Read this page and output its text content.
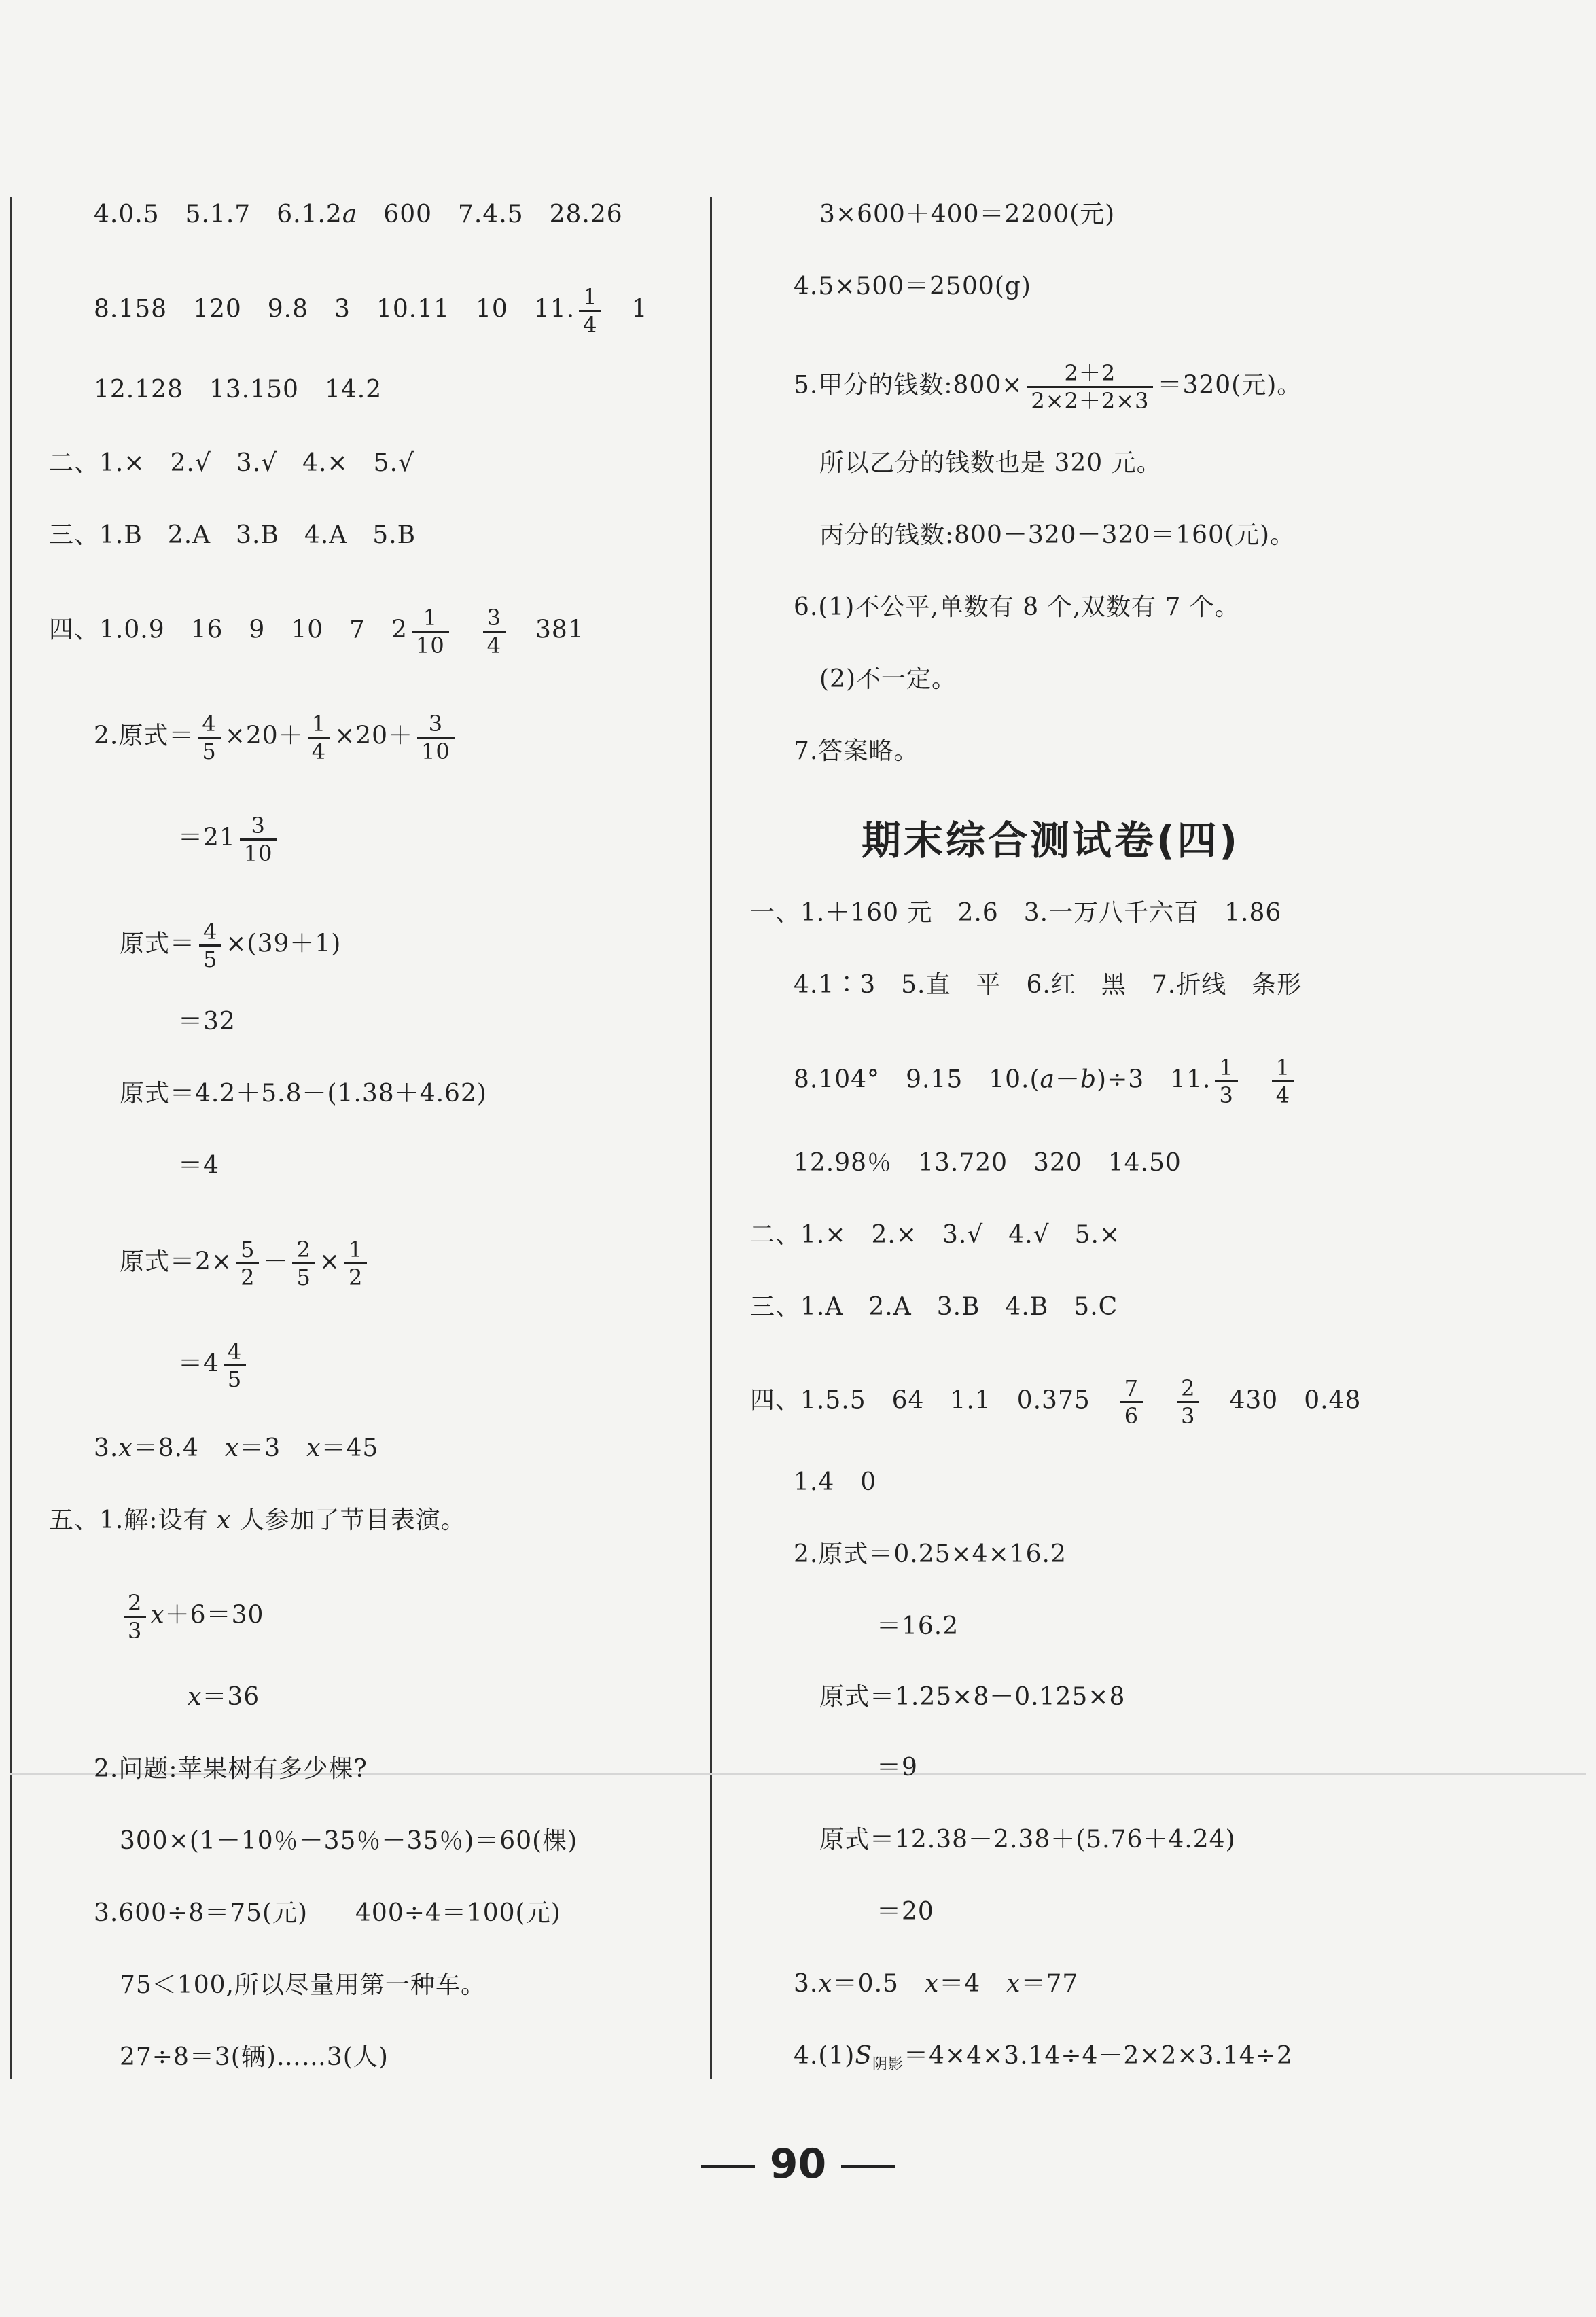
4.0.5 5.1.7 6.1.2a 600 7.4.5 28.26
8.158 120 9.8 3 10.11 10 11. $\frac{1}{4} 1$
12.128 13.150 14.2
二、1.×　2.√　3.√　4.×　5.√
三、1.B　2.A　3.B　4.A　5.B
四、1.0.9 16 9 10 7 $2 \frac{1}{10} \frac{3}{4} 381$
2.原式＝ $\frac{4}{5} \times 20+ \frac{1}{4} \times 20+ \frac{3}{10}$
$=21 \frac{3}{10}$
原式＝ $\frac{4}{5} \times(39+1)$
＝32
原式＝4.2＋5.8－(1.38＋4.62)
＝4
原式$=2\times \frac{5}{2} - \frac{2}{5} \times \frac{1}{2}$
$=4 \frac{4}{5}$
3.x＝8.4 x＝3 x＝45
五、1.解:设有 x 人参加了节目表演。
$\frac{2}{3} x+6=30$
x＝36
2.问题:苹果树有多少棵?
300×(1－10％－35％－35％)＝60(棵)
3.600÷8＝75(元) 400÷4＝100(元)
75＜100,所以尽量用第一种车。
27÷8＝3(辆)……3(人)
3×600＋400＝2200(元)
4.5×500＝2500(g)
5.甲分的钱数:800× $\frac{2+2}{2\times 2+2\times 3} =320$(元)。
所以乙分的钱数也是 320 元。
丙分的钱数:800－320－320＝160(元)。
6.(1)不公平,单数有 8 个,双数有 7 个。
(2)不一定。
7.答案略。
期末综合测试卷(四)
一、1.＋160 元　2.6　3.一万八千六百　1.86
4.1∶3　5.直　平　6.红　黑　7.折线　条形
8.104° 9.15 10.(a－b)÷3 11. $\frac{1}{3} \frac{1}{4}$
12.98％ 13.720 320 14.50
二、1.×　2.×　3.√　4.√　5.×
三、1.A　2.A　3.B　4.B　5.C
四、1.5.5 64 1.1 $0.375 \frac{7}{6} \frac{2}{3} 430$ 0.48
1.4 0
2.原式＝0.25×4×16.2
＝16.2
原式＝1.25×8－0.125×8
＝9
原式＝12.38－2.38＋(5.76＋4.24)
＝20
3.x＝0.5 x＝4 x＝77
$4.(1)S_{阴影}=4\times 4\times 3.14\div 4-2\times 2\times 3.14\div 2$
90
